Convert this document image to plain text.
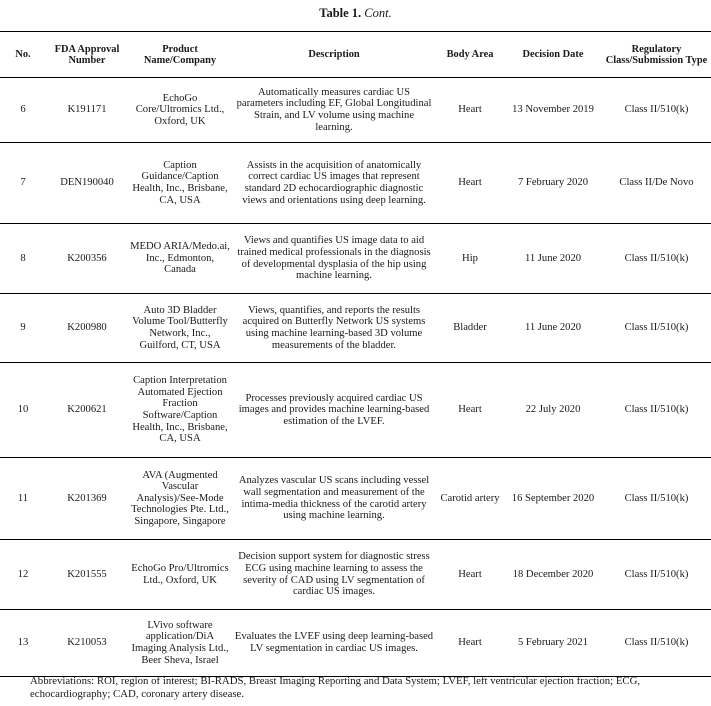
Table 1. Cont.
No.	FDA Approval Number	Product Name/Company	Description	Body Area	Decision Date	Regulatory Class/Submission Type
6	K191171	EchoGo Core/Ultromics Ltd., Oxford, UK	Automatically measures cardiac US parameters including EF, Global Longitudinal Strain, and LV volume using machine learning.	Heart	13 November 2019	Class II/510(k)
7	DEN190040	Caption Guidance/Caption Health, Inc., Brisbane, CA, USA	Assists in the acquisition of anatomically correct cardiac US images that represent standard 2D echocardiographic diagnostic views and orientations using deep learning.	Heart	7 February 2020	Class II/De Novo
8	K200356	MEDO ARIA/Medo.ai, Inc., Edmonton, Canada	Views and quantifies US image data to aid trained medical professionals in the diagnosis of developmental dysplasia of the hip using machine learning.	Hip	11 June 2020	Class II/510(k)
9	K200980	Auto 3D Bladder Volume Tool/Butterfly Network, Inc., Guilford, CT, USA	Views, quantifies, and reports the results acquired on Butterfly Network US systems using machine learning-based 3D volume measurements of the bladder.	Bladder	11 June 2020	Class II/510(k)
10	K200621	Caption Interpretation Automated Ejection Fraction Software/Caption Health, Inc., Brisbane, CA, USA	Processes previously acquired cardiac US images and provides machine learning-based estimation of the LVEF.	Heart	22 July 2020	Class II/510(k)
11	K201369	AVA (Augmented Vascular Analysis)/See-Mode Technologies Pte. Ltd., Singapore, Singapore	Analyzes vascular US scans including vessel wall segmentation and measurement of the intima-media thickness of the carotid artery using machine learning.	Carotid artery	16 September 2020	Class II/510(k)
12	K201555	EchoGo Pro/Ultromics Ltd., Oxford, UK	Decision support system for diagnostic stress ECG using machine learning to assess the severity of CAD using LV segmentation of cardiac US images.	Heart	18 December 2020	Class II/510(k)
13	K210053	LVivo software application/DiA Imaging Analysis Ltd., Beer Sheva, Israel	Evaluates the LVEF using deep learning-based LV segmentation in cardiac US images.	Heart	5 February 2021	Class II/510(k)
Abbreviations: ROI, region of interest; BI-RADS, Breast Imaging Reporting and Data System; LVEF, left ventricular ejection fraction; ECG, echocardiography; CAD, coronary artery disease.
